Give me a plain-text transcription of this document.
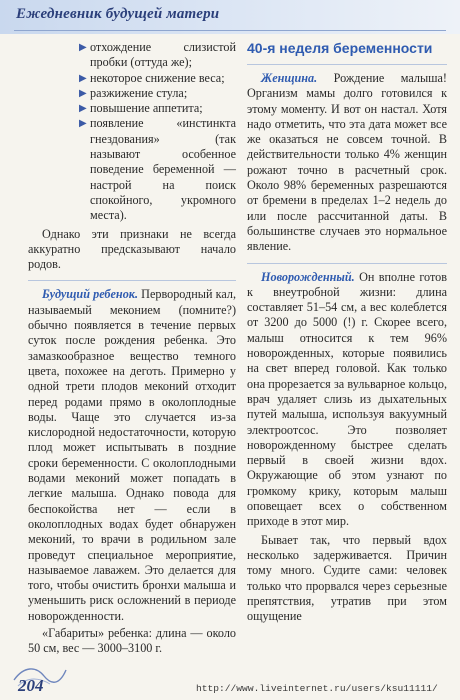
Ежедневник будущей матери
▶ отхождение слизистой пробки (оттуда же);
▶ некоторое снижение веса;
▶ разжижение стула;
▶ повышение аппетита;
▶ появление «инстинкта гнездования» (так называют особенное поведение беременной — настрой на поиск спокойного, укромного места).

Однако эти признаки не всегда аккуратно предсказывают начало родов.

Будущий ребенок. Первородный кал, называемый меконием (помните?) обычно появляется в течение первых суток после рождения ребенка. Это замазкообразное вещество темного цвета, похожее на деготь. Примерно у одной трети плодов меконий отходит перед родами прямо в околоплодные воды. Чаще это случается из-за кислородной недостаточности, которую плод может испытывать в поздние сроки беременности. С околоплодными водами меконий может попадать в легкие малыша. Однако повода для беспокойства нет — если в околоплодных водах будет обнаружен меконий, то врачи в родильном зале проведут специальное мероприятие, называемое лаважем. Это делается для того, чтобы очистить бронхи малыша и уменьшить риск осложнений в периоде новорожденности.

«Габариты» ребенка: длина — около 50 см, вес — 3000–3100 г.

40-я неделя беременности

Женщина. Рождение малыша! Организм мамы долго готовился к этому моменту. И вот он настал. Хотя надо отметить, что эта дата может все же оказаться не совсем точной. В действительности только 4% женщин рожают точно в расчетный срок. Около 98% беременных разрешаются от бремени в пределах 1–2 недель до или после рассчитанной даты. В большинстве случаев это нормальное явление.

Новорожденный. Он вполне готов к внеутробной жизни: длина составляет 51–54 см, а вес колеблется от 3200 до 5000 (!) г. Скорее всего, малыш относится к тем 96% новорожденных, которые появились на свет вперед головой. Как только она прорезается за вульварное кольцо, врач удаляет слизь из дыхательных путей малыша, используя вакуумный электроотсос. Это позволяет новорожденному быстрее сделать первый в своей жизни вдох. Окружающие об этом узнают по громкому крику, которым малыш оповещает всех о собственном приходе в этот мир.

Бывает так, что первый вдох несколько задерживается. Причин тому много. Судите сами: человек только что прорвался через серьезные препятствия, утратив при этом ощущение

204	http://www.liveinternet.ru/users/ksu11111/
